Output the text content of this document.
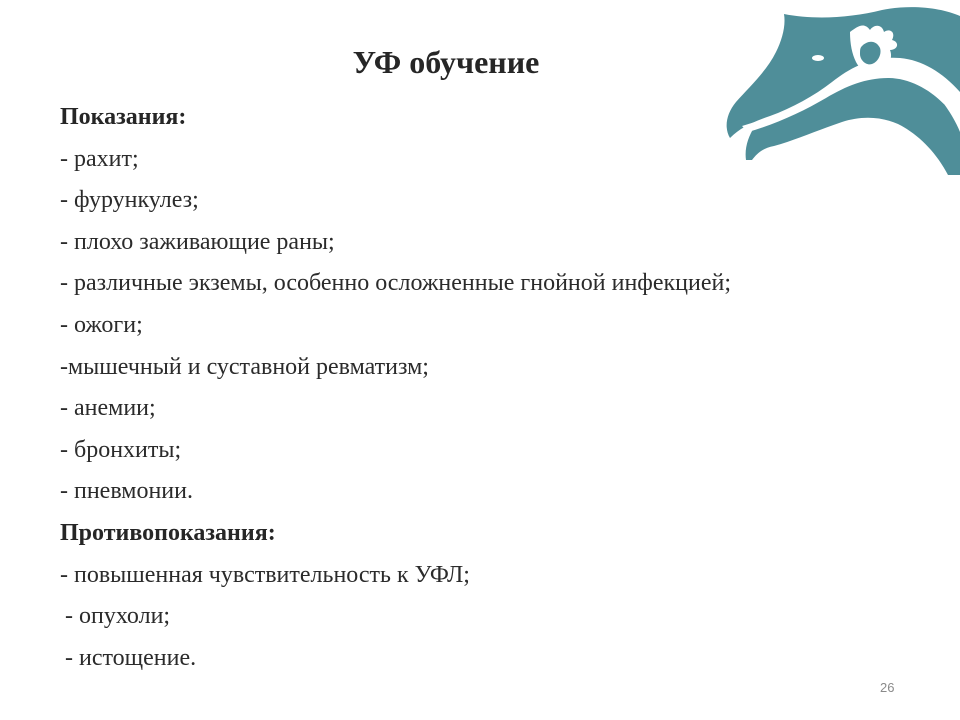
УФ обучение
Показания:
- рахит;
- фурункулез;
- плохо заживающие раны;
- различные экземы, особенно осложненные гнойной инфекцией;
- ожоги;
-мышечный и суставной ревматизм;
- анемии;
- бронхиты;
- пневмонии.
Противопоказания:
- повышенная чувствительность к УФЛ;
- опухоли;
- истощение.
26
